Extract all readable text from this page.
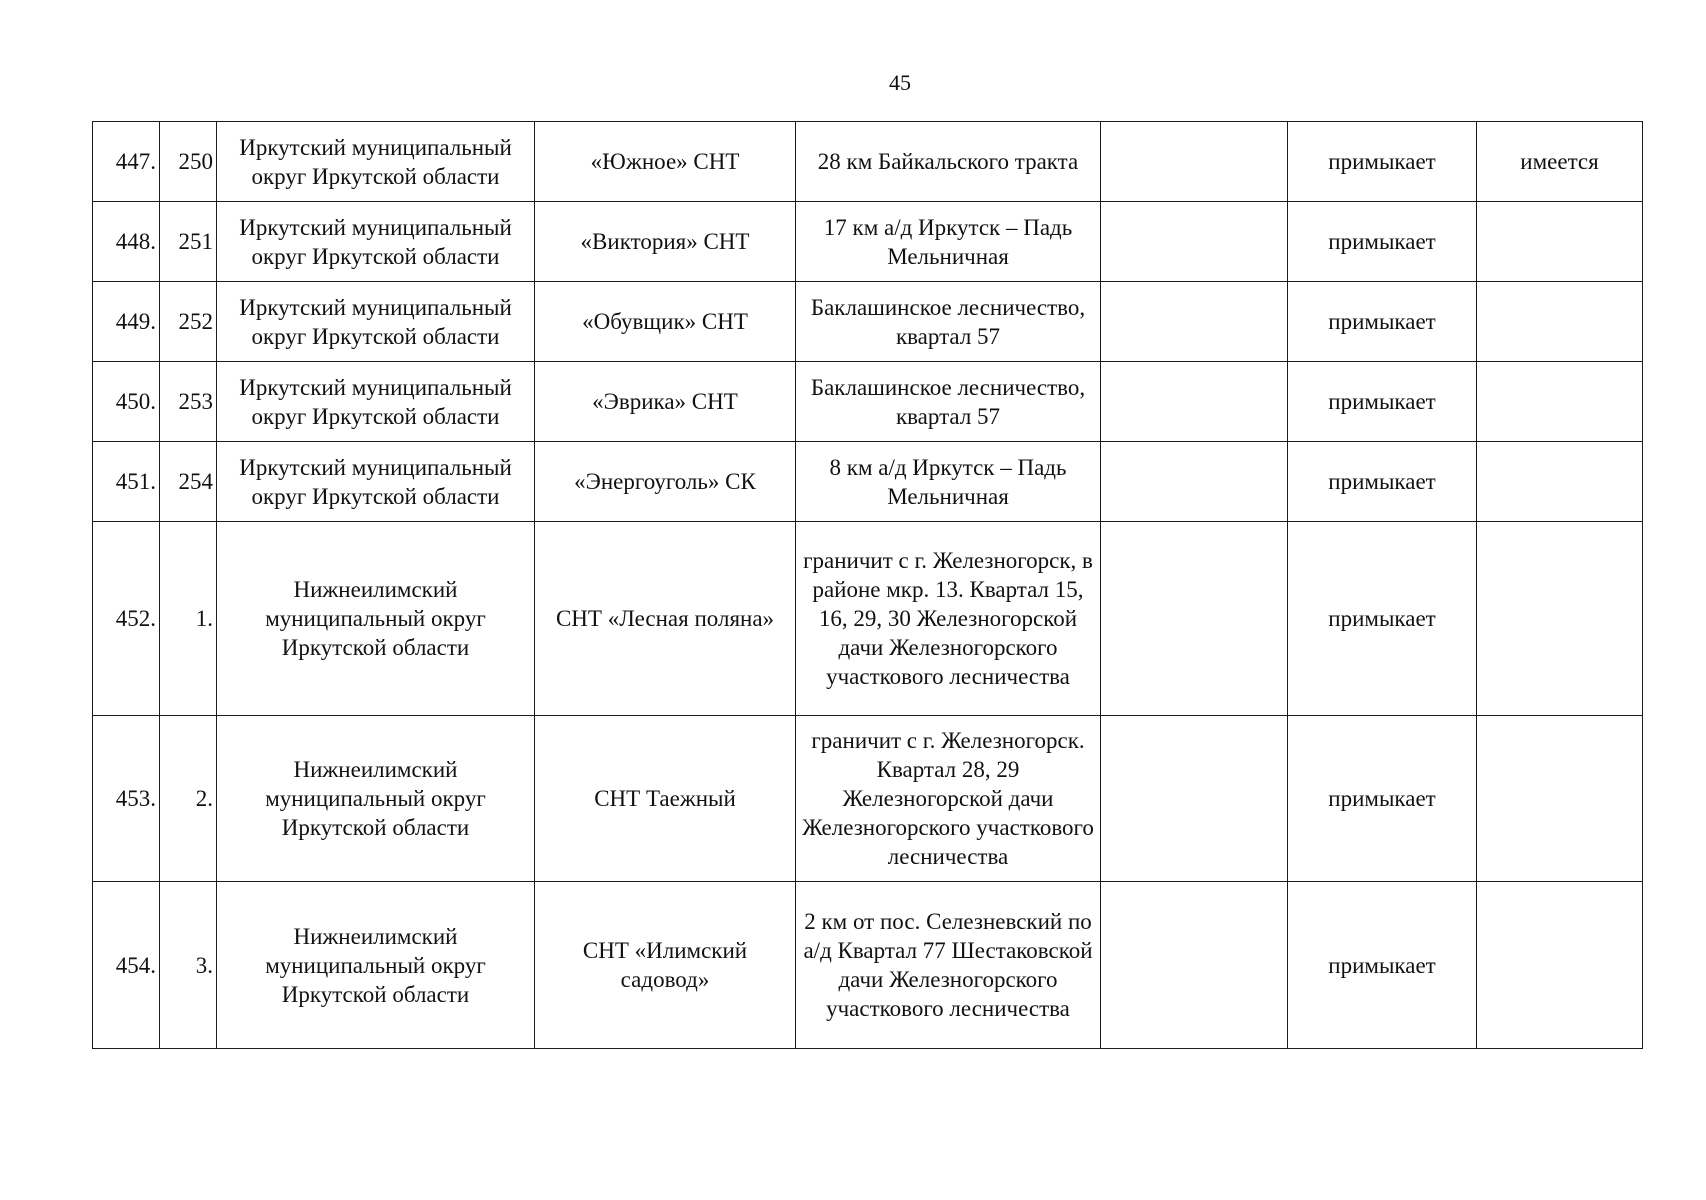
45
447.	250	Иркутский муниципальный округ Иркутской области	«Южное» СНТ	28 км Байкальского тракта		примыкает	имеется
448.	251	Иркутский муниципальный округ Иркутской области	«Виктория» СНТ	17 км а/д Иркутск – Падь Мельничная		примыкает	
449.	252	Иркутский муниципальный округ Иркутской области	«Обувщик» СНТ	Баклашинское лесничество, квартал 57		примыкает	
450.	253	Иркутский муниципальный округ Иркутской области	«Эврика» СНТ	Баклашинское лесничество, квартал 57		примыкает	
451.	254	Иркутский муниципальный округ Иркутской области	«Энергоуголь» СК	8 км а/д Иркутск – Падь Мельничная		примыкает	
452.	1.	Нижнеилимский муниципальный округ Иркутской области	СНТ «Лесная поляна»	граничит с г. Железногорск, в районе мкр. 13. Квартал 15, 16, 29, 30 Железногорской дачи Железногорского участкового лесничества		примыкает	
453.	2.	Нижнеилимский муниципальный округ Иркутской области	СНТ Таежный	граничит с г. Железногорск. Квартал 28, 29 Железногорской дачи Железногорского участкового лесничества		примыкает	
454.	3.	Нижнеилимский муниципальный округ Иркутской области	СНТ «Илимский садовод»	2 км от пос. Селезневский по а/д Квартал 77 Шестаковской дачи Железногорского участкового лесничества		примыкает	
